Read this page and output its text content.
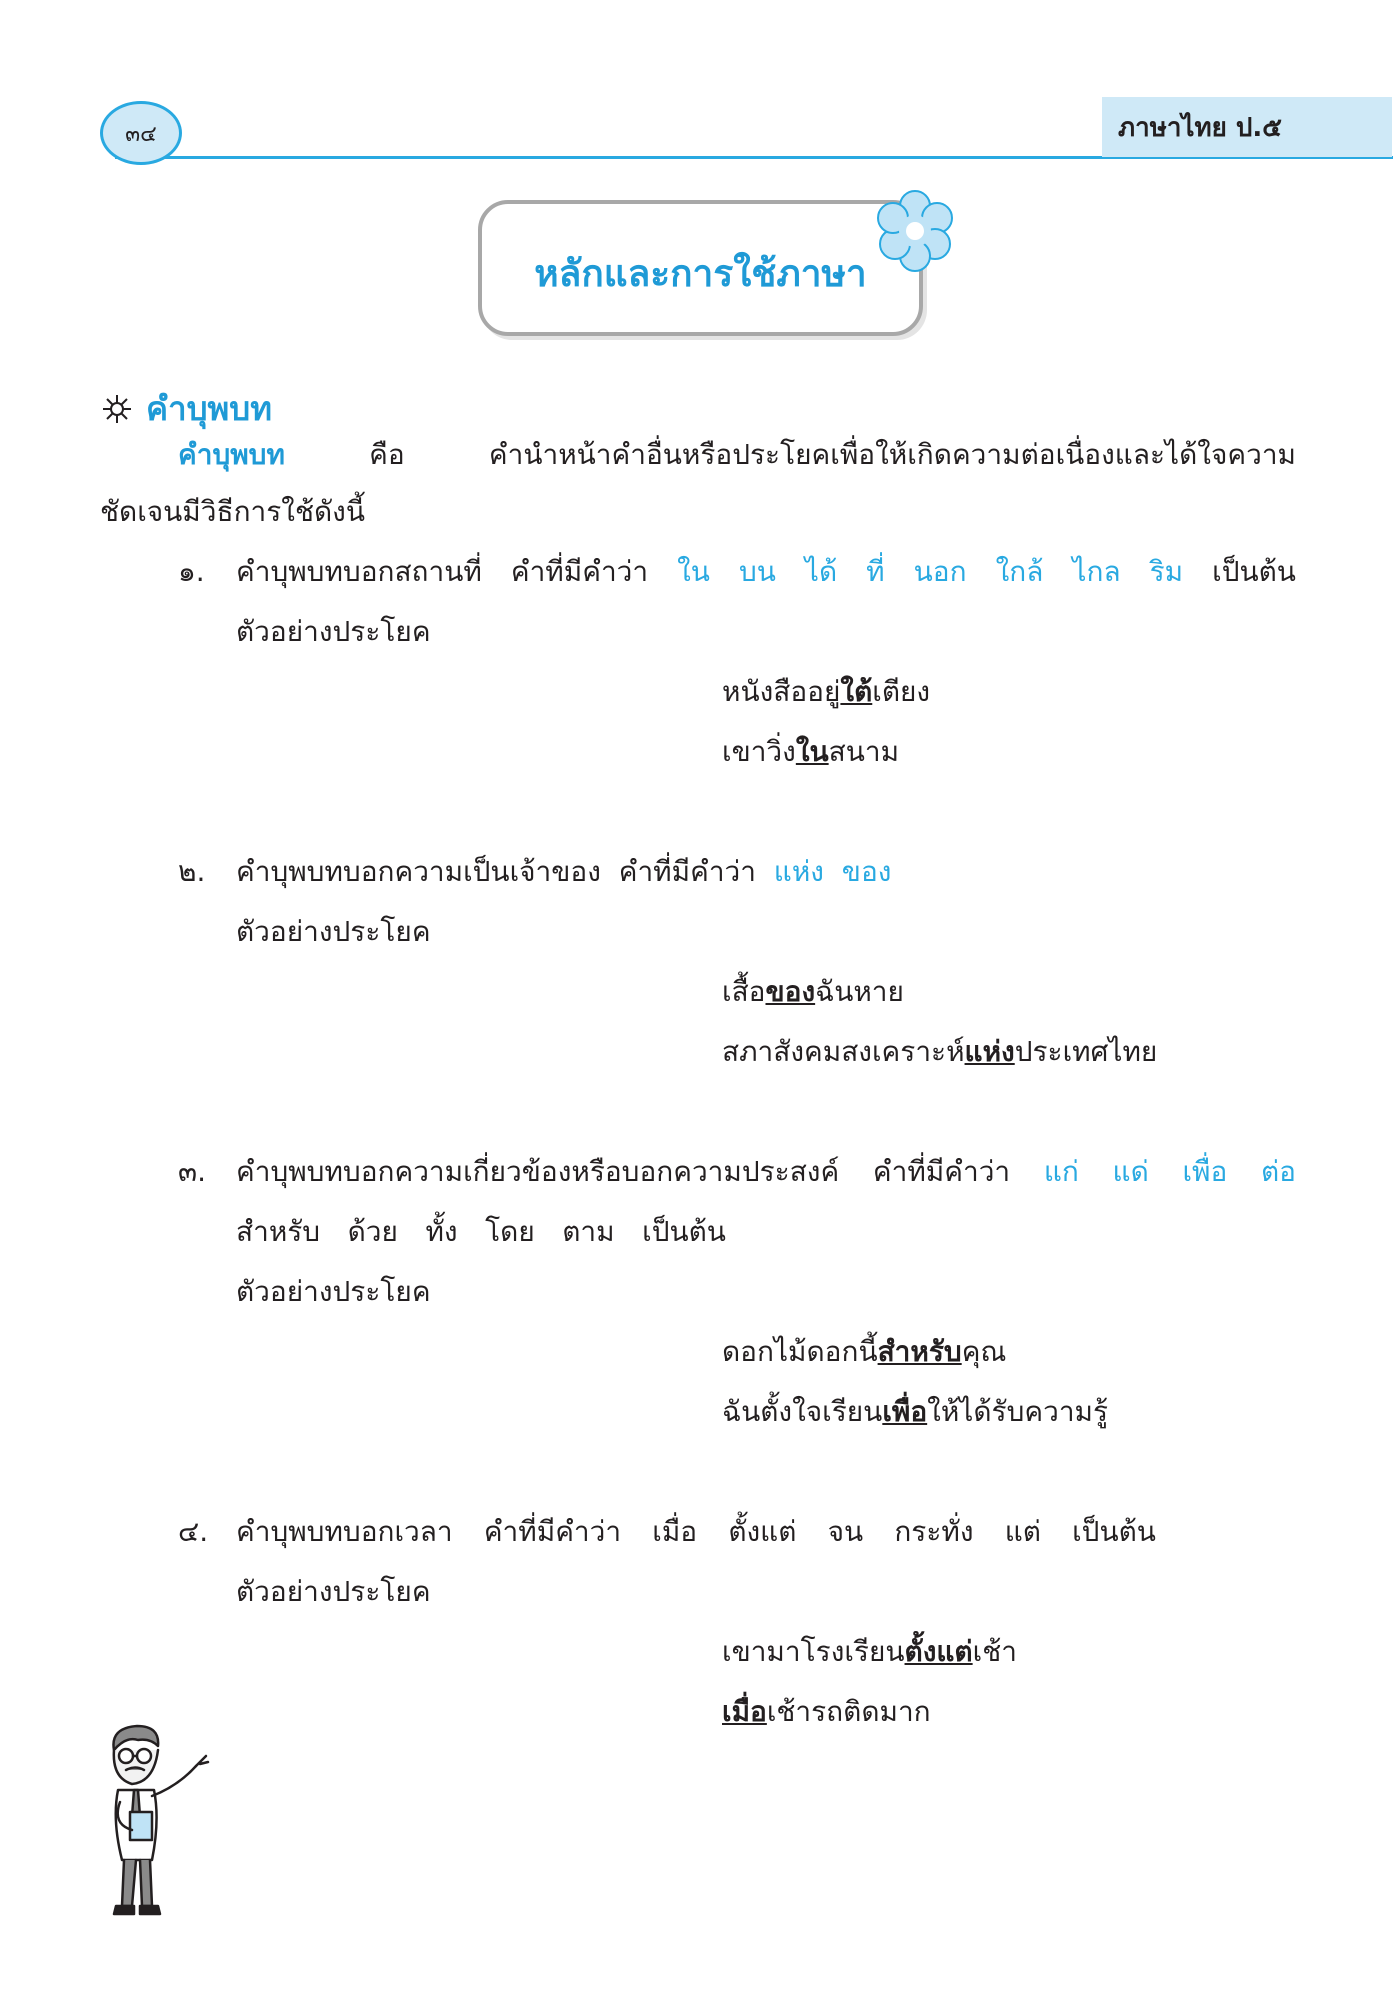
๓๔	ภาษาไทย ป.๕
หลักและการใช้ภาษา
คำบุพบท
คำบุพบท	คือ	คำนำหน้าคำอื่นหรือประโยคเพื่อให้เกิดความต่อเนื่องและได้ใจความ
ชัดเจนมีวิธีการใช้ดังนี้
๑. คำบุพบทบอกสถานที่ คำที่มีคำว่า ใน บน ได้ ที่ นอก ใกล้ ไกล ริม เป็นต้น
ตัวอย่างประโยค
หนังสืออยู่ใต้เตียง
เขาวิ่งในสนาม
๒. คำบุพบทบอกความเป็นเจ้าของ คำที่มีคำว่า แห่ง ของ
ตัวอย่างประโยค
เสื้อของฉันหาย
สภาสังคมสงเคราะห์แห่งประเทศไทย
๓. คำบุพบทบอกความเกี่ยวข้องหรือบอกความประสงค์ คำที่มีคำว่า แก่ แด่ เพื่อ ต่อ
สำหรับ ด้วย ทั้ง โดย ตาม เป็นต้น
ตัวอย่างประโยค
ดอกไม้ดอกนี้สำหรับคุณ
ฉันตั้งใจเรียนเพื่อให้ได้รับความรู้
๔. คำบุพบทบอกเวลา คำที่มีคำว่า เมื่อ ตั้งแต่ จน กระทั่ง แต่ เป็นต้น
ตัวอย่างประโยค
เขามาโรงเรียนตั้งแต่เช้า
เมื่อเช้ารถติดมาก
